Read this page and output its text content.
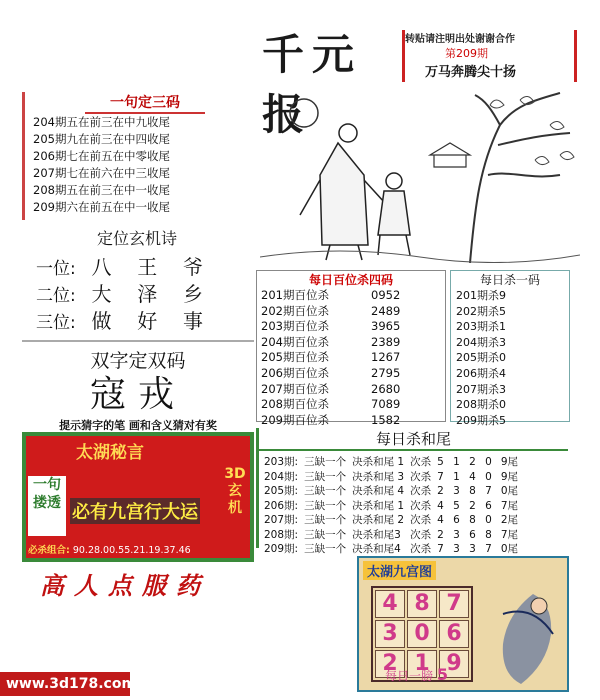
千元报
转贴请注明出处谢谢合作
第209期
万马奔腾尖十扬
一句定三码
204期五在前三在中九收尾
205期九在前三在中四收尾
206期七在前五在中零收尾
207期七在前六在中三收尾
208期五在前三在中一收尾
209期六在前五在中一收尾
定位玄机诗
一位: 八 王 爷
二位: 大 泽 乡
三位: 做 好 事
双字定双码
寇戎
提示猜字的笔 画和含义猜对有奖
每日百位杀四码
201期百位杀	0952
202期百位杀	2489
203期百位杀	3965
204期百位杀	2389
205期百位杀	1267
206期百位杀	2795
207期百位杀	2680
208期百位杀	7089
209期百位杀	1582
每日杀一码
201期杀9
202期杀5
203期杀1
204期杀3
205期杀0
206期杀4
207期杀3
208期杀0
209期杀5
太湖秘言
一句搂透
3D玄机
必有九宫行大运
必杀组合: 90.28.00.55.21.19.37.46
每日杀和尾
203期:	三缺一个	决杀和尾 1	次杀	5 1 2 0	9尾
204期:	三缺一个	决杀和尾 3	次杀	7 1 4 0	9尾
205期:	三缺一个	决杀和尾 4	次杀	2 3 8 7	0尾
206期:	三缺一个	决杀和尾 1	次杀	4 5 2 6	7尾
207期:	三缺一个	决杀和尾 2	次杀	4 6 8 0	2尾
208期:	三缺一个	决杀和尾3	次杀	2 3 6 8	7尾
209期:	三缺一个	决杀和尾4	次杀	7 3 3 7	0尾
高人点服药	太湖九宫图
4 8 7
3 0 6
2 1 9
每日一膀 5
www.3d178.com
